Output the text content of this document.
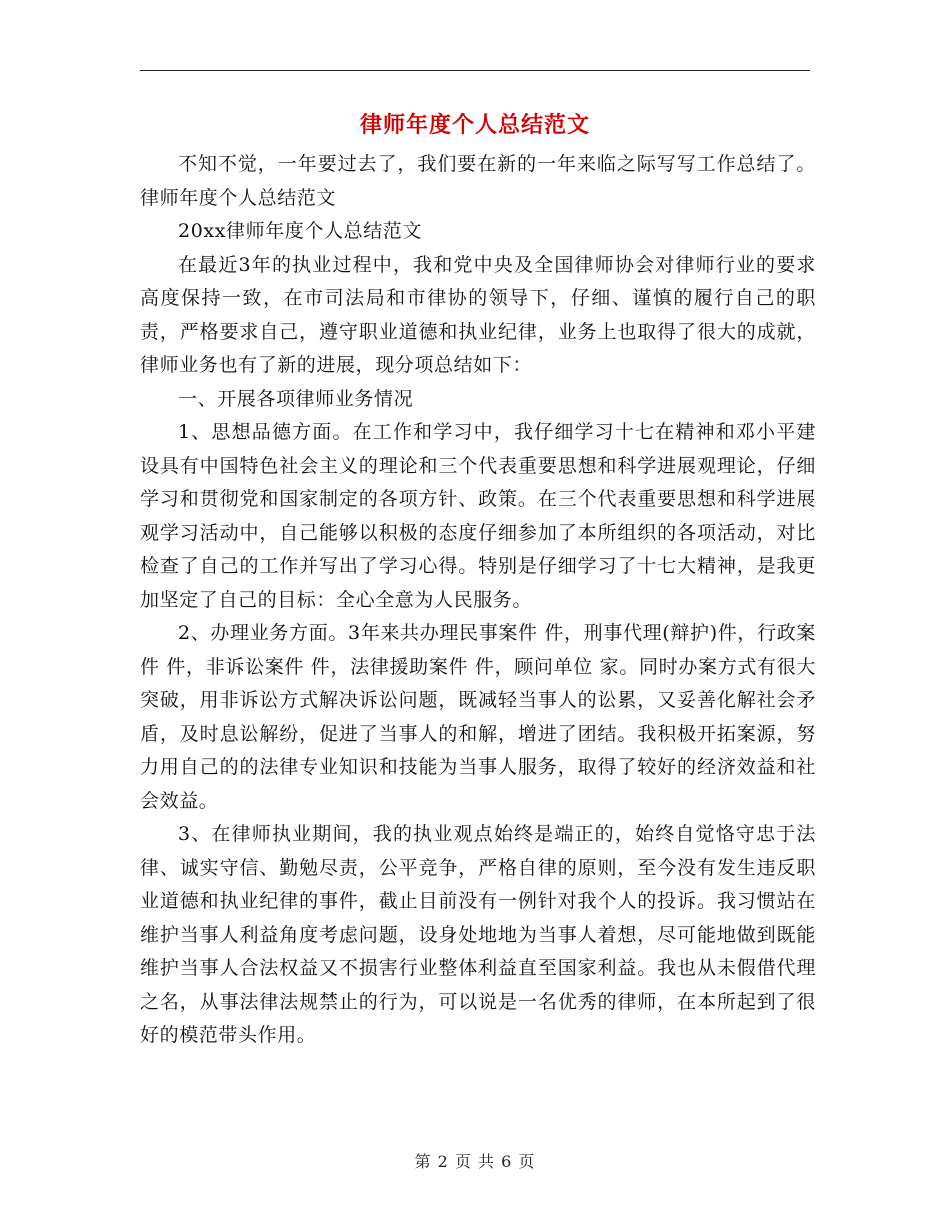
律师年度个人总结范文

不知不觉，一年要过去了，我们要在新的一年来临之际写写工作总结了。律师年度个人总结范文

20xx律师年度个人总结范文

在最近3年的执业过程中，我和党中央及全国律师协会对律师行业的要求高度保持一致，在市司法局和市律协的领导下，仔细、谨慎的履行自己的职责，严格要求自己，遵守职业道德和执业纪律，业务上也取得了很大的成就，律师业务也有了新的进展，现分项总结如下：

一、开展各项律师业务情况

1、思想品德方面。在工作和学习中，我仔细学习十七在精神和邓小平建设具有中国特色社会主义的理论和三个代表重要思想和科学进展观理论，仔细学习和贯彻党和国家制定的各项方针、政策。在三个代表重要思想和科学进展观学习活动中，自己能够以积极的态度仔细参加了本所组织的各项活动，对比检查了自己的工作并写出了学习心得。特别是仔细学习了十七大精神，是我更加坚定了自己的目标：全心全意为人民服务。

2、办理业务方面。3年来共办理民事案件 件，刑事代理(辩护)件，行政案件 件，非诉讼案件 件，法律援助案件 件，顾问单位 家。同时办案方式有很大突破，用非诉讼方式解决诉讼问题，既减轻当事人的讼累，又妥善化解社会矛盾，及时息讼解纷，促进了当事人的和解，增进了团结。我积极开拓案源，努力用自己的的法律专业知识和技能为当事人服务，取得了较好的经济效益和社会效益。

3、在律师执业期间，我的执业观点始终是端正的，始终自觉恪守忠于法律、诚实守信、勤勉尽责，公平竞争，严格自律的原则，至今没有发生违反职业道德和执业纪律的事件，截止目前没有一例针对我个人的投诉。我习惯站在维护当事人利益角度考虑问题，设身处地地为当事人着想，尽可能地做到既能维护当事人合法权益又不损害行业整体利益直至国家利益。我也从未假借代理之名，从事法律法规禁止的行为，可以说是一名优秀的律师，在本所起到了很好的模范带头作用。

第 2 页 共 6 页
